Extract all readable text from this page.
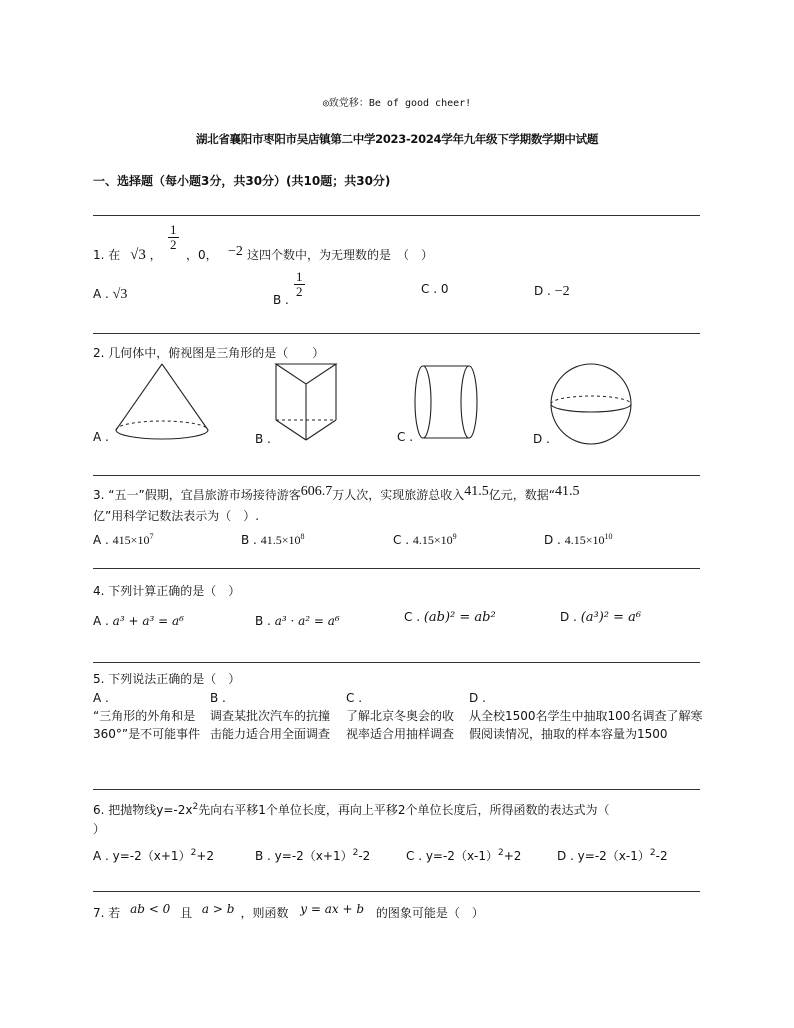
◎致党移：Be of good cheer!
湖北省襄阳市枣阳市吴店镇第二中学2023-2024学年九年级下学期数学期中试题
一、选择题（每小题3分，共30分）(共10题；共30分)
1. 在 √3 ，
$\frac{1}{2}$
，0， −2 这四个数中，为无理数的是　（　）
A . √3	B .
$\frac{1}{2}$	C . 0	D . −2
2. 几何体中，俯视图是三角形的是（　　）
A .	B .	C .	D .
3. “五一”假期，宜昌旅游市场接待游客606.7万人次，实现旅游总收入41.5亿元，数据“41.5
亿”用科学记数法表示为（　）.
A . $415\times 10^7$	B . $41.5\times 10^8$	C . $4.15\times 10^9$	D . $4.15\times 10^{10}$
4. 下列计算正确的是（　）
A . a³ + a³ = a⁶	B . a³ · a² = a⁶	C . (ab)² = ab²	D . (a³)² = a⁶
5. 下列说法正确的是（　）
A .
“三角形的外角和是360°”是不可能事件
B .
调查某批次汽车的抗撞击能力适合用全面调查
C .
了解北京冬奥会的收视率适合用抽样调查
D .
从全校1500名学生中抽取100名调查了解寒假阅读情况，抽取的样本容量为1500
6. 把抛物线$y=-2x^2$先向右平移1个单位长度，再向上平移2个单位长度后，所得函数的表达式为（
）
A . $y=-2(x+1)^2+2$	B . $y=-2(x+1)^2-2$	C . $y=-2(x-1)^2+2$	D . $y=-2(x-1)^2-2$
7. 若 ab < 0 且 a > b ，则函数 y = ax + b 的图象可能是（　）
